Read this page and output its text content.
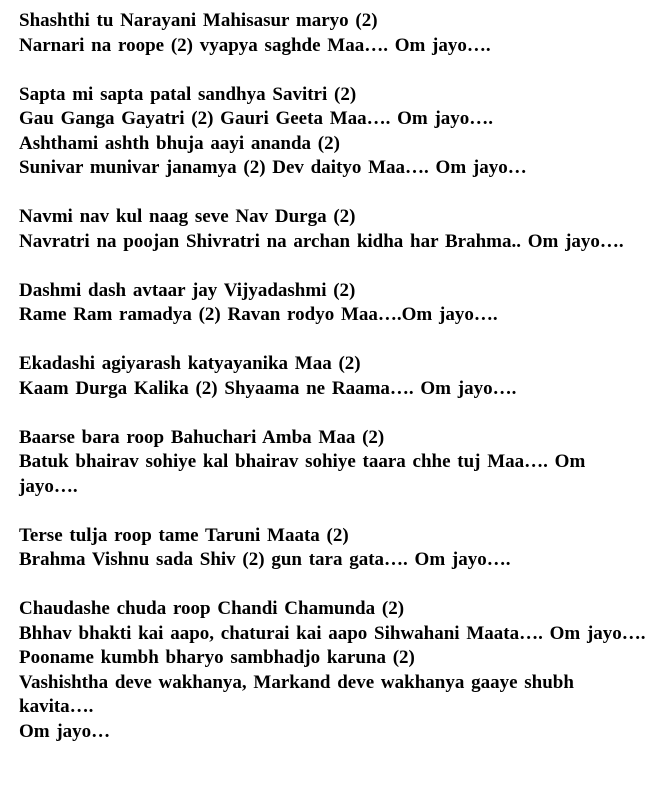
Shashthi tu Narayani Mahisasur maryo (2)
Narnari na roope (2) vyapya saghde Maa…. Om jayo….
Sapta mi sapta patal sandhya Savitri (2)
Gau Ganga Gayatri (2) Gauri Geeta Maa…. Om jayo….
Ashthami ashth bhuja aayi ananda (2)
Sunivar munivar janamya (2) Dev daityo Maa…. Om jayo…
Navmi nav kul naag seve Nav Durga (2)
Navratri na poojan Shivratri na archan kidha har Brahma.. Om jayo….
Dashmi dash avtaar jay Vijyadashmi (2)
Rame Ram ramadya (2) Ravan rodyo Maa….Om jayo….
Ekadashi agiyarash katyayanika Maa (2)
Kaam Durga Kalika (2) Shyaama ne Raama…. Om jayo….
Baarse bara roop Bahuchari Amba Maa (2)
Batuk bhairav sohiye kal bhairav sohiye taara chhe tuj Maa…. Om jayo….
Terse tulja roop tame Taruni Maata (2)
Brahma Vishnu sada Shiv (2) gun tara gata…. Om jayo….
Chaudashe chuda roop Chandi Chamunda (2)
Bhhav bhakti kai aapo, chaturai kai aapo Sihwahani Maata…. Om jayo….
Pooname kumbh bharyo sambhadjo karuna (2)
Vashishtha deve wakhanya, Markand deve wakhanya gaaye shubh kavita….
Om jayo…
